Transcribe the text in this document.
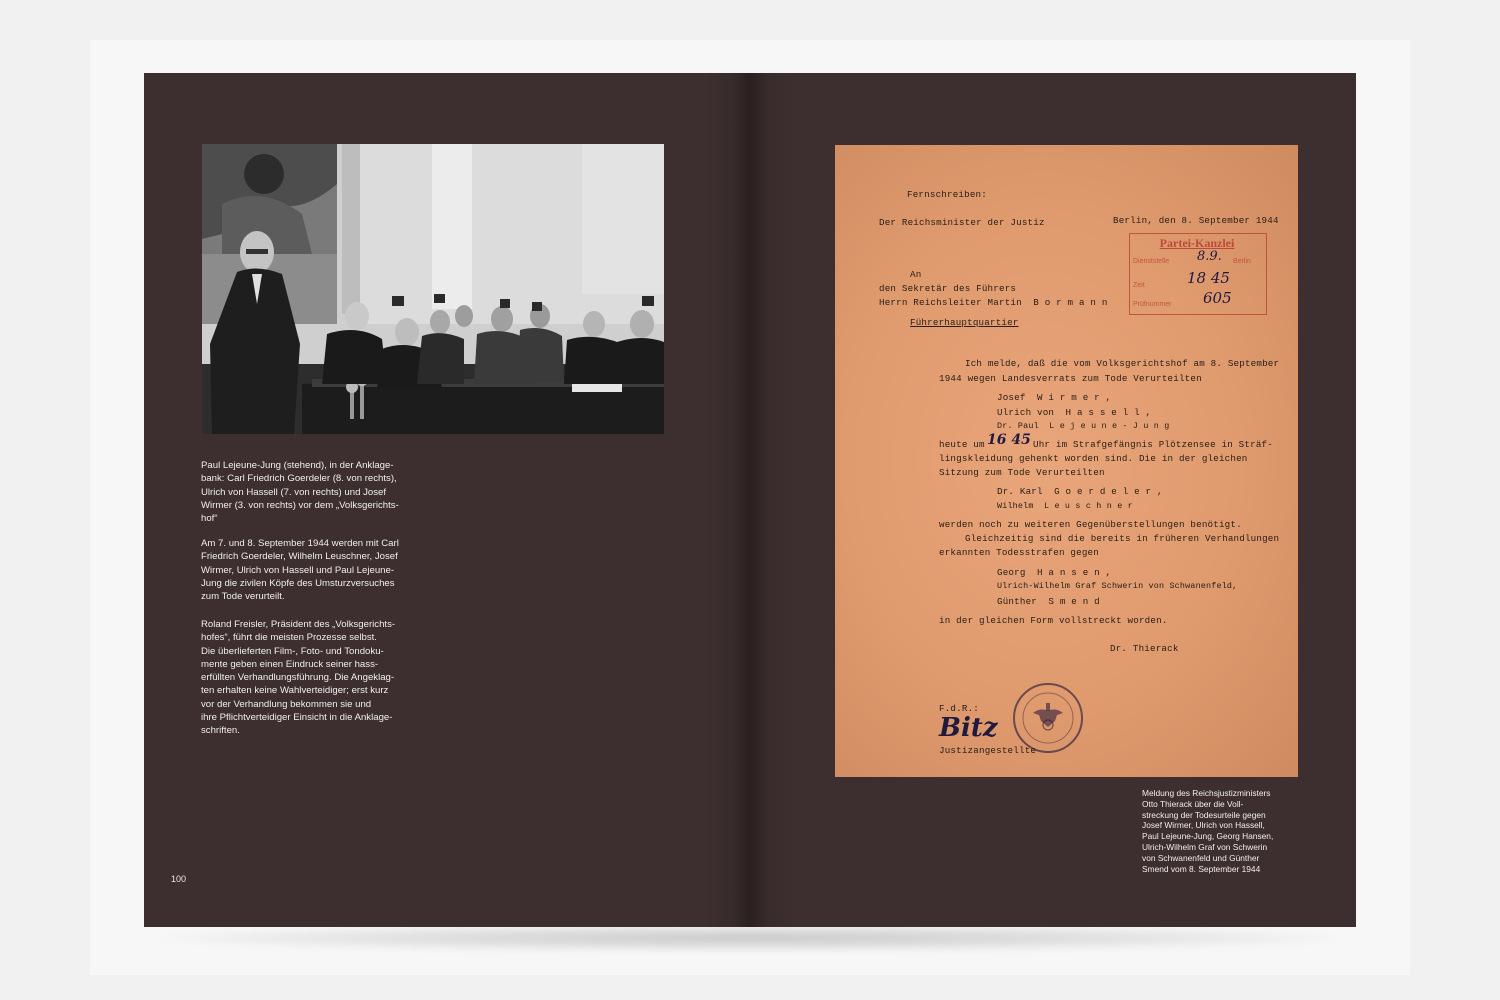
Paul Lejeune-Jung (stehend), in der Anklage-
bank: Carl Friedrich Goerdeler (8. von rechts),
Ulrich von Hassell (7. von rechts) und Josef
Wirmer (3. von rechts) vor dem „Volksgerichts-
hof“

Am 7. und 8. September 1944 werden mit Carl
Friedrich Goerdeler, Wilhelm Leuschner, Josef
Wirmer, Ulrich von Hassell und Paul Lejeune-
Jung die zivilen Köpfe des Umsturzversuches
zum Tode verurteilt.

Roland Freisler, Präsident des „Volksgerichts-
hofes“, führt die meisten Prozesse selbst.
Die überlieferten Film-, Foto- und Tondoku-
mente geben einen Eindruck seiner hass-
erfüllten Verhandlungsführung. Die Angeklag-
ten erhalten keine Wahlverteidiger; erst kurz
vor der Verhandlung bekommen sie und
ihre Pflichtverteidiger Einsicht in die Anklage-
schriften.

100
Fernschreiben:
Der Reichsminister der Justiz	Berlin, den 8. September 1944
Partei-Kanzlei
Dienststelle 8.9. Berlin
Zeit	18 45
Prüfnummer 605
An
den Sekretär des Führers
Herrn Reichsleiter Martin  B o r m a n n
Führerhauptquartier
Ich melde, daß die vom Volksgerichtshof am 8. September
1944 wegen Landesverrats zum Tode Verurteilten
Josef  W i r m e r ,
Ulrich von  H a s s e l l ,
Dr. Paul  L e j e u n e - J u n g
heute um 16 45 Uhr im Strafgefängnis Plötzensee in Sträf-
lingskleidung gehenkt worden sind. Die in der gleichen
Sitzung zum Tode Verurteilten
Dr. Karl  G o e r d e l e r ,
Wilhelm  L e u s c h n e r
werden noch zu weiteren Gegenüberstellungen benötigt.
Gleichzeitig sind die bereits in früheren Verhandlungen
erkannten Todesstrafen gegen
Georg  H a n s e n ,
Ulrich-Wilhelm Graf Schwerin von Schwanenfeld,
Günther  S m e n d
in der gleichen Form vollstreckt worden.
Dr. Thierack
F.d.R.:
Bitz
Justizangestellte

Meldung des Reichsjustizministers
Otto Thierack über die Voll-
streckung der Todesurteile gegen
Josef Wirmer, Ulrich von Hassell,
Paul Lejeune-Jung, Georg Hansen,
Ulrich-Wilhelm Graf von Schwerin
von Schwanenfeld und Günther
Smend vom 8. September 1944
